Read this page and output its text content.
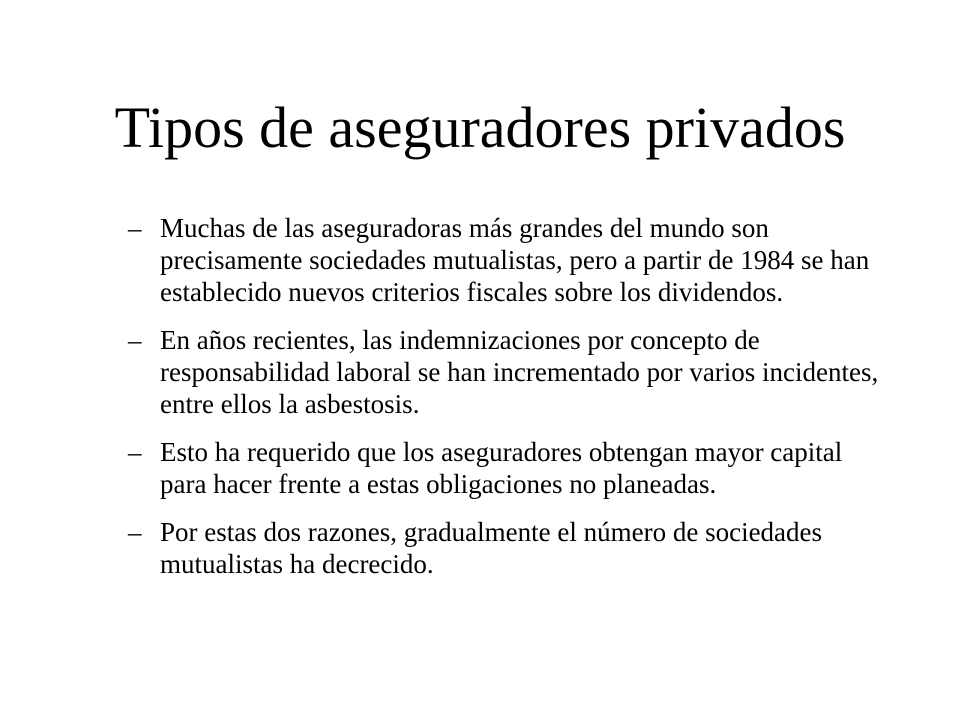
Tipos de aseguradores privados
– Muchas de las aseguradoras más grandes del mundo son precisamente sociedades mutualistas, pero a partir de 1984 se han establecido nuevos criterios fiscales sobre los dividendos.
– En años recientes, las indemnizaciones por concepto de responsabilidad laboral se han incrementado por varios incidentes, entre ellos la asbestosis.
– Esto ha requerido que los aseguradores obtengan mayor capital para hacer frente a estas obligaciones no planeadas.
– Por estas dos razones, gradualmente el número de sociedades mutualistas ha decrecido.
